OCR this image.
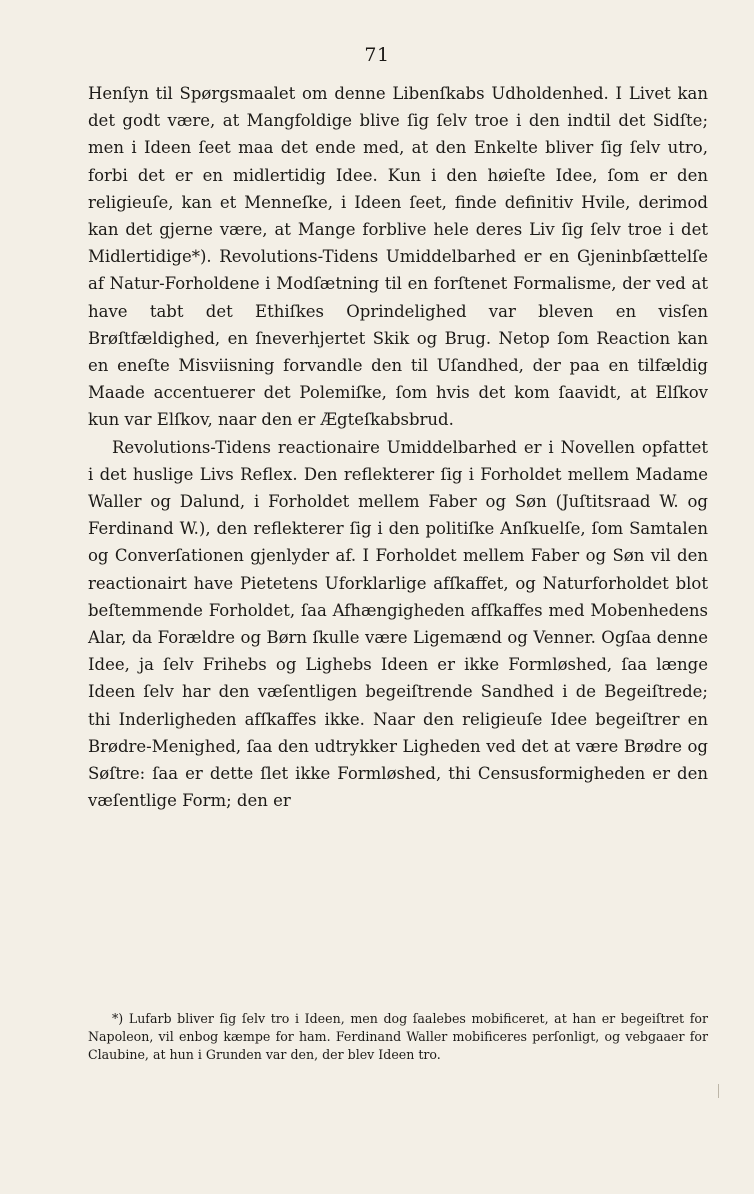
71

Henſyn til Spørgsmaalet om denne Libenſkabs Udholdenhed. I Livet kan det godt være, at Mangfoldige blive ſig ſelv troe i den indtil det Sidſte; men i Ideen ſeet maa det ende med, at den Enkelte bliver ſig ſelv utro, forbi det er en midlertidig Idee. Kun i den høieſte Idee, ſom er den religieuſe, kan et Menneſke, i Ideen ſeet, finde definitiv Hvile, derimod kan det gjerne være, at Mange forblive hele deres Liv ſig ſelv troe i det Midlertidige*). Revolutions-Tidens Umiddelbarhed er en Gjeninbſættelſe af Natur-Forholdene i Modſætning til en forſtenet Formalisme, der ved at have tabt det Ethiſkes Oprindelighed var bleven en visſen Brøſtfældighed, en ſneverhjertet Skik og Brug. Netop ſom Reaction kan en eneſte Misviisning forvandle den til Uſandhed, der paa en tilfældig Maade accentuerer det Polemiſke, ſom hvis det kom ſaavidt, at Elſkov kun var Elſkov, naar den er Ægteſkabsbrud.

Revolutions-Tidens reactionaire Umiddelbarhed er i Novellen opfattet i det huslige Livs Reflex. Den reflekterer ſig i Forholdet mellem Madame Waller og Dalund, i Forholdet mellem Faber og Søn (Juſtitsraad W. og Ferdinand W.), den reflekterer ſig i den politiſke Anſkuelſe, ſom Samtalen og Converſationen gjenlyder af. I Forholdet mellem Faber og Søn vil den reactionairt have Pietetens Uforklarlige afſkaffet, og Naturforholdet blot beſtemmende Forholdet, ſaa Afhængigheden afſkaffes med Mobenhedens Alar, da Forældre og Børn ſkulle være Ligemænd og Venner. Ogſaa denne Idee, ja ſelv Frihebs og Lighebs Ideen er ikke Formløshed, ſaa længe Ideen ſelv har den væſentligen begeiſtrende Sandhed i de Begeiſtrede; thi Inderligheden afſkaffes ikke. Naar den religieuſe Idee begeiſtrer en Brødre-Menighed, ſaa den udtrykker Ligheden ved det at være Brødre og Søſtre: ſaa er dette ſlet ikke Formløshed, thi Censusformigheden er den væſentlige Form; den er

*) Lufarb bliver ſig ſelv tro i Ideen, men dog ſaalebes mobificeret, at han er begeiſtret for Napoleon, vil enbog kæmpe for ham. Ferdinand Waller mobificeres perſonligt, og vebgaaer for Claubine, at hun i Grunden var den, der blev Ideen tro.
